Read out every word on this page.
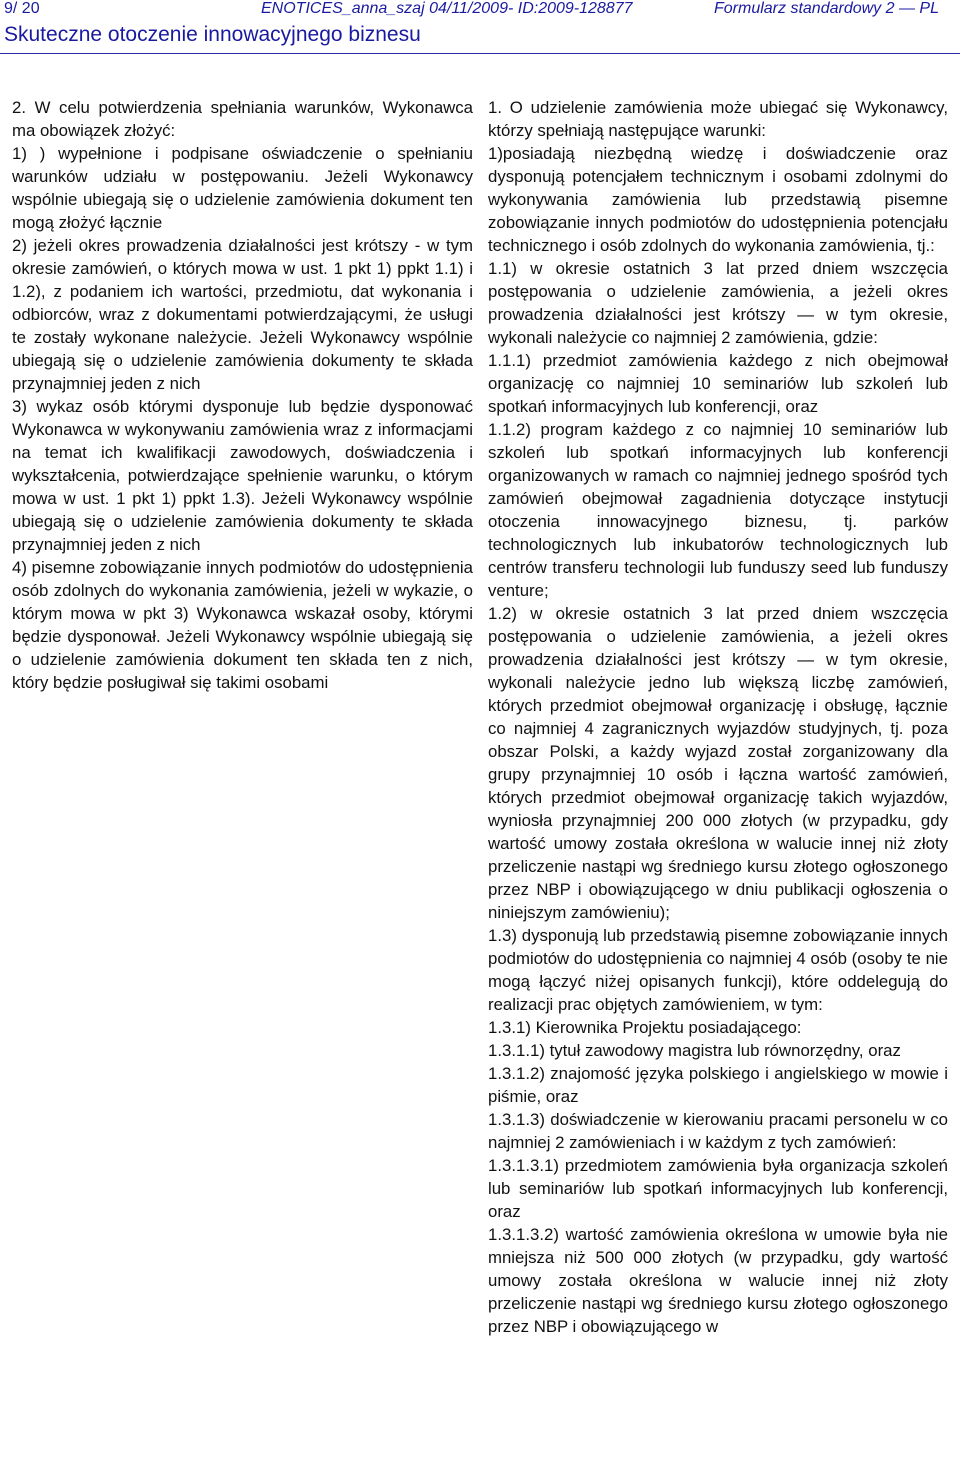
9/ 20	ENOTICES_anna_szaj 04/11/2009- ID:2009-128877	Formularz standardowy 2 — PL
Skuteczne otoczenie innowacyjnego biznesu

2. W celu potwierdzenia spełniania warunków, Wykonawca ma obowiązek złożyć:

1) ) wypełnione i podpisane oświadczenie o spełnianiu warunków udziału w postępowaniu. Jeżeli Wykonawcy wspólnie ubiegają się o udzielenie zamówienia dokument ten mogą złożyć łącznie

2) jeżeli okres prowadzenia działalności jest krótszy - w tym okresie zamówień, o których mowa w ust. 1 pkt 1) ppkt 1.1) i 1.2), z podaniem ich wartości, przedmiotu, dat wykonania i odbiorców, wraz z dokumentami potwierdzającymi, że usługi te zostały wykonane należycie. Jeżeli Wykonawcy wspólnie ubiegają się o udzielenie zamówienia dokumenty te składa przynajmniej jeden z nich

3) wykaz osób którymi dysponuje lub będzie dysponować Wykonawca w wykonywaniu zamówienia wraz z informacjami na temat ich kwalifikacji zawodowych, doświadczenia i wykształcenia, potwierdzające spełnienie warunku, o którym mowa w ust. 1 pkt 1) ppkt 1.3). Jeżeli Wykonawcy wspólnie ubiegają się o udzielenie zamówienia dokumenty te składa przynajmniej jeden z nich

4) pisemne zobowiązanie innych podmiotów do udostępnienia osób zdolnych do wykonania zamówienia, jeżeli w wykazie, o którym mowa w pkt 3) Wykonawca wskazał osoby, którymi będzie dysponował. Jeżeli Wykonawcy wspólnie ubiegają się o udzielenie zamówienia dokument ten składa ten z nich, który będzie posługiwał się takimi osobami

1. O udzielenie zamówienia może ubiegać się Wykonawcy, którzy spełniają następujące warunki:

1)posiadają niezbędną wiedzę i doświadczenie oraz dysponują potencjałem technicznym i osobami zdolnymi do wykonywania zamówienia lub przedstawią pisemne zobowiązanie innych podmiotów do udostępnienia potencjału technicznego i osób zdolnych do wykonania zamówienia, tj.:

1.1) w okresie ostatnich 3 lat przed dniem wszczęcia postępowania o udzielenie zamówienia, a jeżeli okres prowadzenia działalności jest krótszy — w tym okresie, wykonali należycie co najmniej 2 zamówienia, gdzie:

1.1.1) przedmiot zamówienia każdego z nich obejmował organizację co najmniej 10 seminariów lub szkoleń lub spotkań informacyjnych lub konferencji, oraz

1.1.2) program każdego z co najmniej 10 seminariów lub szkoleń lub spotkań informacyjnych lub konferencji organizowanych w ramach co najmniej jednego spośród tych zamówień obejmował zagadnienia dotyczące instytucji otoczenia innowacyjnego biznesu, tj. parków technologicznych lub inkubatorów technologicznych lub centrów transferu technologii lub funduszy seed lub funduszy venture;

1.2) w okresie ostatnich 3 lat przed dniem wszczęcia postępowania o udzielenie zamówienia, a jeżeli okres prowadzenia działalności jest krótszy — w tym okresie, wykonali należycie jedno lub większą liczbę zamówień, których przedmiot obejmował organizację i obsługę, łącznie co najmniej 4 zagranicznych wyjazdów studyjnych, tj. poza obszar Polski, a każdy wyjazd został zorganizowany dla grupy przynajmniej 10 osób i łączna wartość zamówień, których przedmiot obejmował organizację takich wyjazdów, wyniosła przynajmniej 200 000 złotych (w przypadku, gdy wartość umowy została określona w walucie innej niż złoty przeliczenie nastąpi wg średniego kursu złotego ogłoszonego przez NBP i obowiązującego w dniu publikacji ogłoszenia o niniejszym zamówieniu);

1.3) dysponują lub przedstawią pisemne zobowiązanie innych podmiotów do udostępnienia co najmniej 4 osób (osoby te nie mogą łączyć niżej opisanych funkcji), które oddelegują do realizacji prac objętych zamówieniem, w tym:

1.3.1) Kierownika Projektu posiadającego:

1.3.1.1) tytuł zawodowy magistra lub równorzędny, oraz

1.3.1.2) znajomość języka polskiego i angielskiego w mowie i piśmie, oraz

1.3.1.3) doświadczenie w kierowaniu pracami personelu w co najmniej 2 zamówieniach i w każdym z tych zamówień:

1.3.1.3.1) przedmiotem zamówienia była organizacja szkoleń lub seminariów lub spotkań informacyjnych lub konferencji, oraz

1.3.1.3.2) wartość zamówienia określona w umowie była nie mniejsza niż 500 000 złotych (w przypadku, gdy wartość umowy została określona w walucie innej niż złoty przeliczenie nastąpi wg średniego kursu złotego ogłoszonego przez NBP i obowiązującego w
